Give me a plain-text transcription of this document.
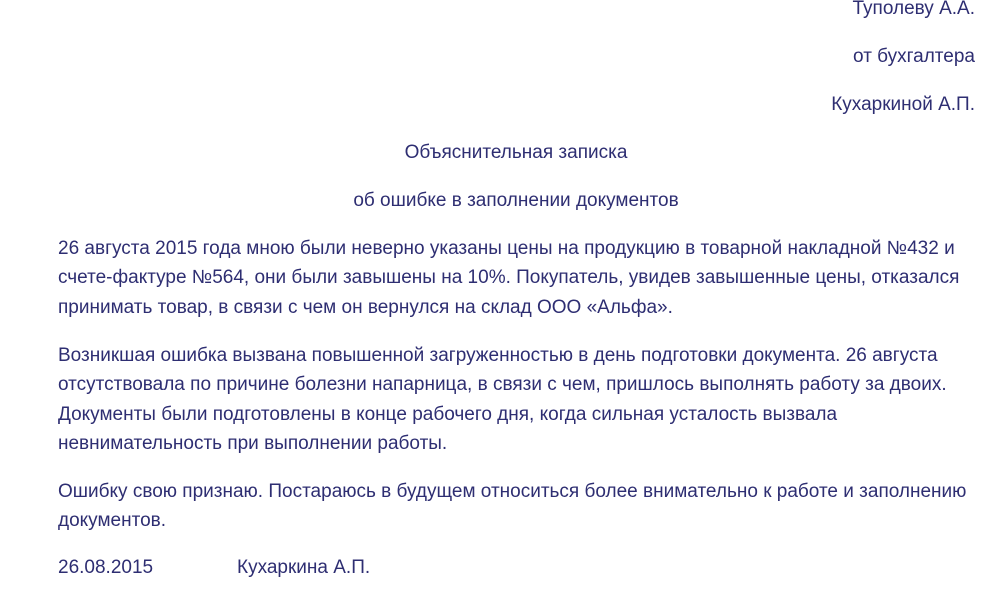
Туполеву А.А.
от бухгалтера
Кухаркиной А.П.
Объяснительная записка
об ошибке в заполнении документов

26 августа 2015 года мною были неверно указаны цены на продукцию в товарной накладной №432 и счете-фактуре №564, они были завышены на 10%. Покупатель, увидев завышенные цены, отказался принимать товар, в связи с чем он вернулся на склад ООО «Альфа».

Возникшая ошибка вызвана повышенной загруженностью в день подготовки документа. 26 августа отсутствовала по причине болезни напарница, в связи с чем, пришлось выполнять работу за двоих. Документы были подготовлены в конце рабочего дня, когда сильная усталость вызвала невнимательность при выполнении работы.

Ошибку свою признаю. Постараюсь в будущем относиться более внимательно к работе и заполнению документов.

26.08.2015	Кухаркина А.П.
